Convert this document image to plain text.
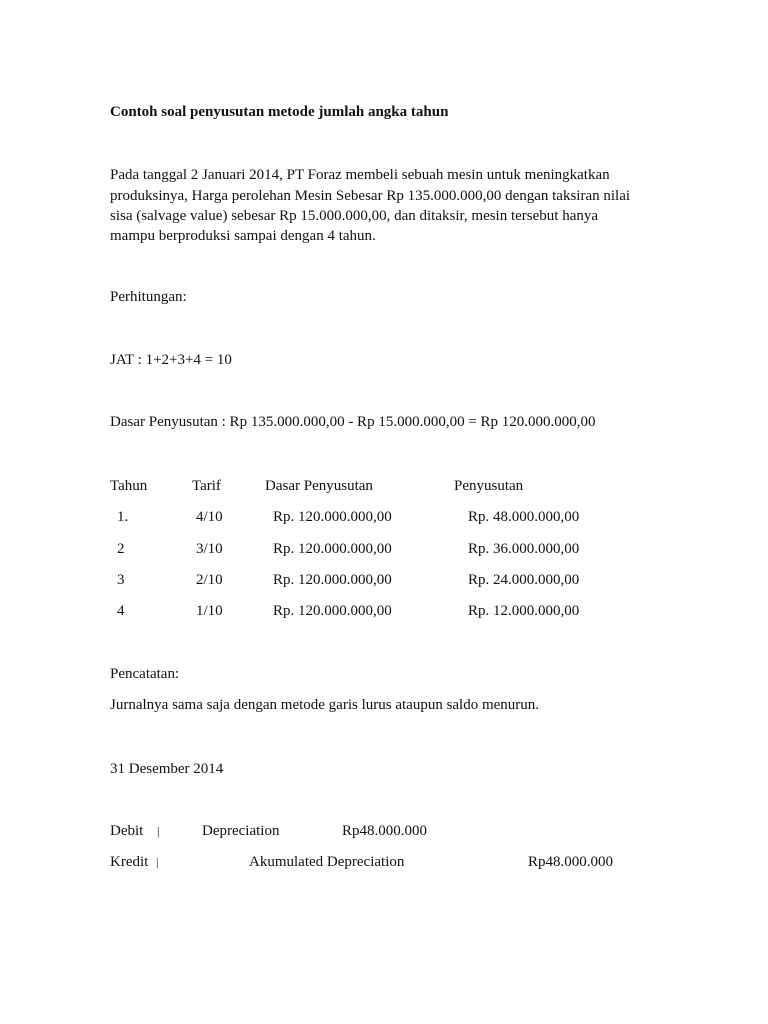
Contoh soal penyusutan metode jumlah angka tahun
Pada tanggal 2 Januari 2014, PT Foraz membeli sebuah mesin untuk meningkatkan
produksinya, Harga perolehan Mesin Sebesar Rp 135.000.000,00 dengan taksiran nilai
sisa (salvage value) sebesar Rp 15.000.000,00, dan ditaksir, mesin tersebut hanya
mampu berproduksi sampai dengan 4 tahun.
Perhitungan:
JAT : 1+2+3+4 = 10
Dasar Penyusutan : Rp 135.000.000,00 - Rp 15.000.000,00 = Rp 120.000.000,00
Tahun	Tarif	Dasar Penyusutan	Penyusutan
1.	4/10	Rp. 120.000.000,00	Rp. 48.000.000,00
2	3/10	Rp. 120.000.000,00	Rp. 36.000.000,00
3	2/10	Rp. 120.000.000,00	Rp. 24.000.000,00
4	1/10	Rp. 120.000.000,00	Rp. 12.000.000,00
Pencatatan:
Jurnalnya sama saja dengan metode garis lurus ataupun saldo menurun.
31 Desember 2014
Debit |	Depreciation	Rp48.000.000
Kredit |	Akumulated Depreciation	Rp48.000.000
